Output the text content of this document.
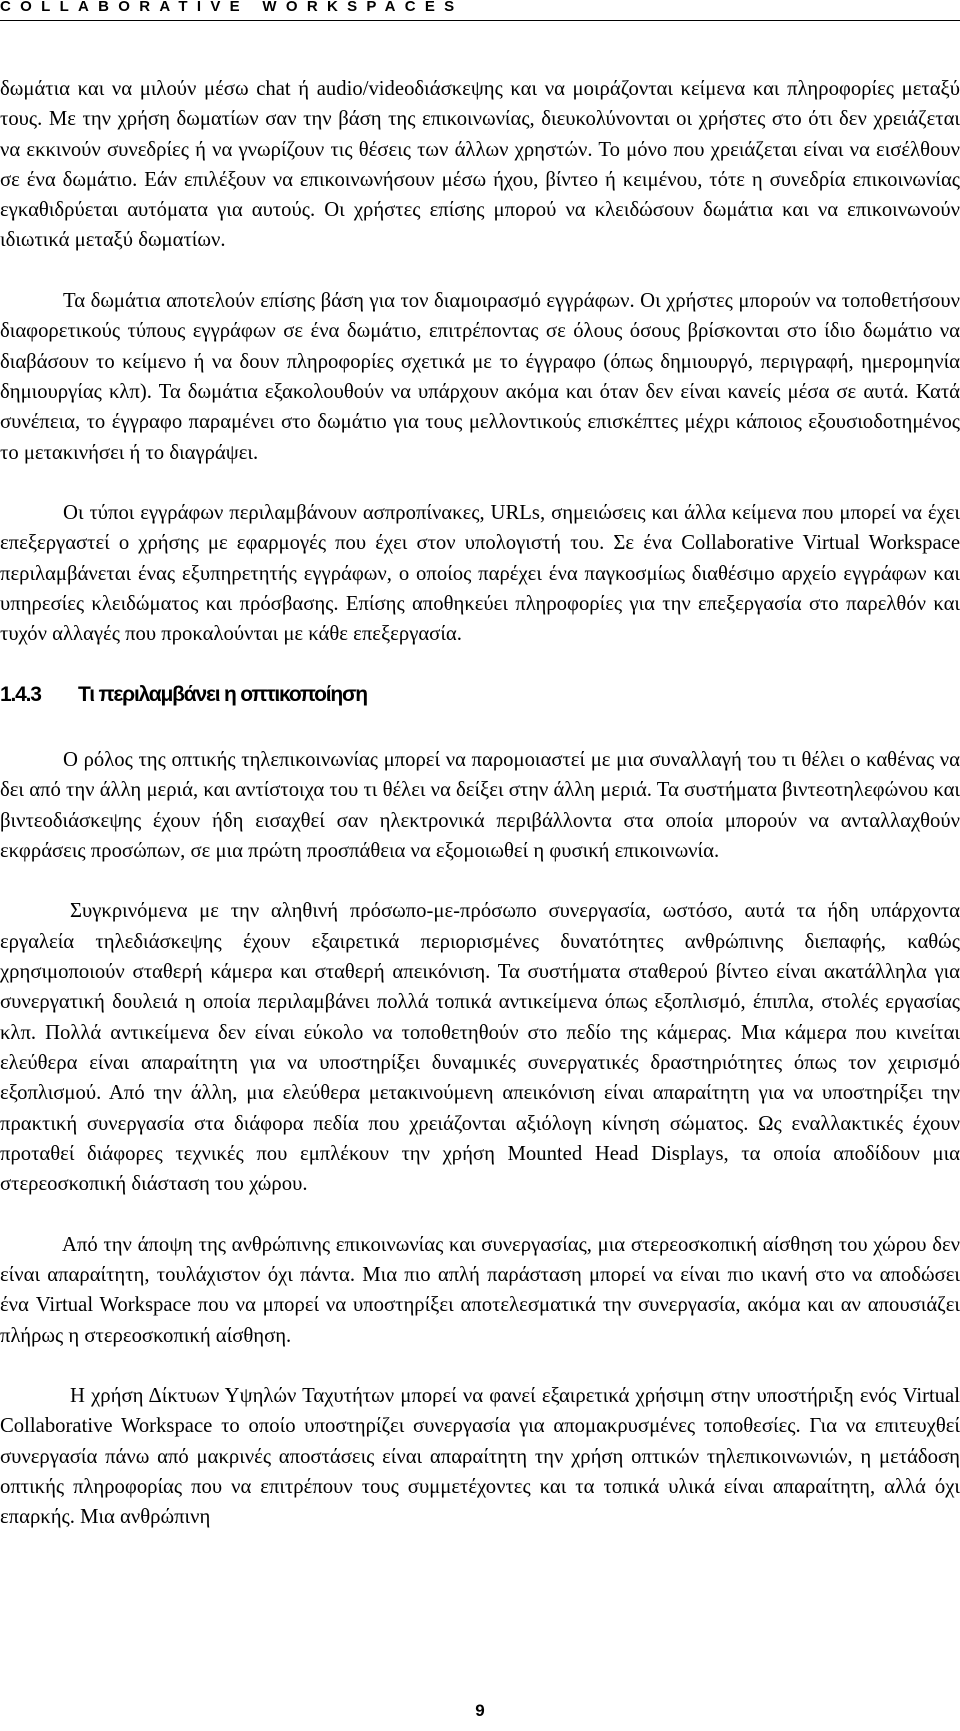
COLLABORATIVE WORKSPACES

δωμάτια και να μιλούν μέσω chat ή audio/videoδιάσκεψης και να μοιράζονται κείμενα και πληροφορίες μεταξύ τους. Με την χρήση δωματίων σαν την βάση της επικοινωνίας, διευκολύνονται οι χρήστες στο ότι δεν χρειάζεται να εκκινούν συνεδρίες ή να γνωρίζουν τις θέσεις των άλλων χρηστών. Το μόνο που χρειάζεται είναι να εισέλθουν σε ένα δωμάτιο. Εάν επιλέξουν να επικοινωνήσουν μέσω ήχου, βίντεο ή κειμένου, τότε η συνεδρία επικοινωνίας εγκαθιδρύεται αυτόματα για αυτούς. Οι χρήστες επίσης μπορού να κλειδώσουν δωμάτια και να επικοινωνούν ιδιωτικά μεταξύ δωματίων.

Τα δωμάτια αποτελούν επίσης βάση για τον διαμοιρασμό εγγράφων. Οι χρήστες μπορούν να τοποθετήσουν διαφορετικούς τύπους εγγράφων σε ένα δωμάτιο, επιτρέποντας σε όλους όσους βρίσκονται στο ίδιο δωμάτιο να διαβάσουν το κείμενο ή να δουν πληροφορίες σχετικά με το έγγραφο (όπως δημιουργό, περιγραφή, ημερομηνία δημιουργίας κλπ). Τα δωμάτια εξακολουθούν να υπάρχουν ακόμα και όταν δεν είναι κανείς μέσα σε αυτά. Κατά συνέπεια, το έγγραφο παραμένει στο δωμάτιο για τους μελλοντικούς επισκέπτες μέχρι κάποιος εξουσιοδοτημένος το μετακινήσει ή το διαγράψει.

Οι τύποι εγγράφων περιλαμβάνουν ασπροπίνακες, URLs, σημειώσεις και άλλα κείμενα που μπορεί να έχει επεξεργαστεί ο χρήσης με εφαρμογές που έχει στον υπολογιστή του. Σε ένα Collaborative Virtual Workspace περιλαμβάνεται ένας εξυπηρετητής εγγράφων, ο οποίος παρέχει ένα παγκοσμίως διαθέσιμο αρχείο εγγράφων και υπηρεσίες κλειδώματος και πρόσβασης. Επίσης αποθηκεύει πληροφορίες για την επεξεργασία στο παρελθόν και τυχόν αλλαγές που προκαλούνται με κάθε επεξεργασία.

1.4.3 Τι περιλαμβάνει η οπτικοποίηση

Ο ρόλος της οπτικής τηλεπικοινωνίας μπορεί να παρομοιαστεί με μια συναλλαγή του τι θέλει ο καθένας να δει από την άλλη μεριά, και αντίστοιχα του τι θέλει να δείξει στην άλλη μεριά. Τα συστήματα βιντεοτηλεφώνου και βιντεοδιάσκεψης έχουν ήδη εισαχθεί σαν ηλεκτρονικά περιβάλλοντα στα οποία μπορούν να ανταλλαχθούν εκφράσεις προσώπων, σε μια πρώτη προσπάθεια να εξομοιωθεί η φυσική επικοινωνία.

Συγκρινόμενα με την αληθινή πρόσωπο-με-πρόσωπο συνεργασία, ωστόσο, αυτά τα ήδη υπάρχοντα εργαλεία τηλεδιάσκεψης έχουν εξαιρετικά περιορισμένες δυνατότητες ανθρώπινης διεπαφής, καθώς χρησιμοποιούν σταθερή κάμερα και σταθερή απεικόνιση. Τα συστήματα σταθερού βίντεο είναι ακατάλληλα για συνεργατική δουλειά η οποία περιλαμβάνει πολλά τοπικά αντικείμενα όπως εξοπλισμό, έπιπλα, στολές εργασίας κλπ. Πολλά αντικείμενα δεν είναι εύκολο να τοποθετηθούν στο πεδίο της κάμερας. Μια κάμερα που κινείται ελεύθερα είναι απαραίτητη για να υποστηρίξει δυναμικές συνεργατικές δραστηριότητες όπως τον χειρισμό εξοπλισμού. Από την άλλη, μια ελεύθερα μετακινούμενη απεικόνιση είναι απαραίτητη για να υποστηρίξει την πρακτική συνεργασία στα διάφορα πεδία που χρειάζονται αξιόλογη κίνηση σώματος. Ως εναλλακτικές έχουν προταθεί διάφορες τεχνικές που εμπλέκουν την χρήση Mounted Head Displays, τα οποία αποδίδουν μια στερεοσκοπική διάσταση του χώρου.

Από την άποψη της ανθρώπινης επικοινωνίας και συνεργασίας, μια στερεοσκοπική αίσθηση του χώρου δεν είναι απαραίτητη, τουλάχιστον όχι πάντα. Μια πιο απλή παράσταση μπορεί να είναι πιο ικανή στο να αποδώσει ένα Virtual Workspace που να μπορεί να υποστηρίξει αποτελεσματικά την συνεργασία, ακόμα και αν απουσιάζει πλήρως η στερεοσκοπική αίσθηση.

Η χρήση Δίκτυων Υψηλών Ταχυτήτων μπορεί να φανεί εξαιρετικά χρήσιμη στην υποστήριξη ενός Virtual Collaborative Workspace το οποίο υποστηρίζει συνεργασία για απομακρυσμένες τοποθεσίες. Για να επιτευχθεί συνεργασία πάνω από μακρινές αποστάσεις είναι απαραίτητη την χρήση οπτικών τηλεπικοινωνιών, η μετάδοση οπτικής πληροφορίας που να επιτρέπουν τους συμμετέχοντες και τα τοπικά υλικά είναι απαραίτητη, αλλά όχι επαρκής. Μια ανθρώπινη

9
